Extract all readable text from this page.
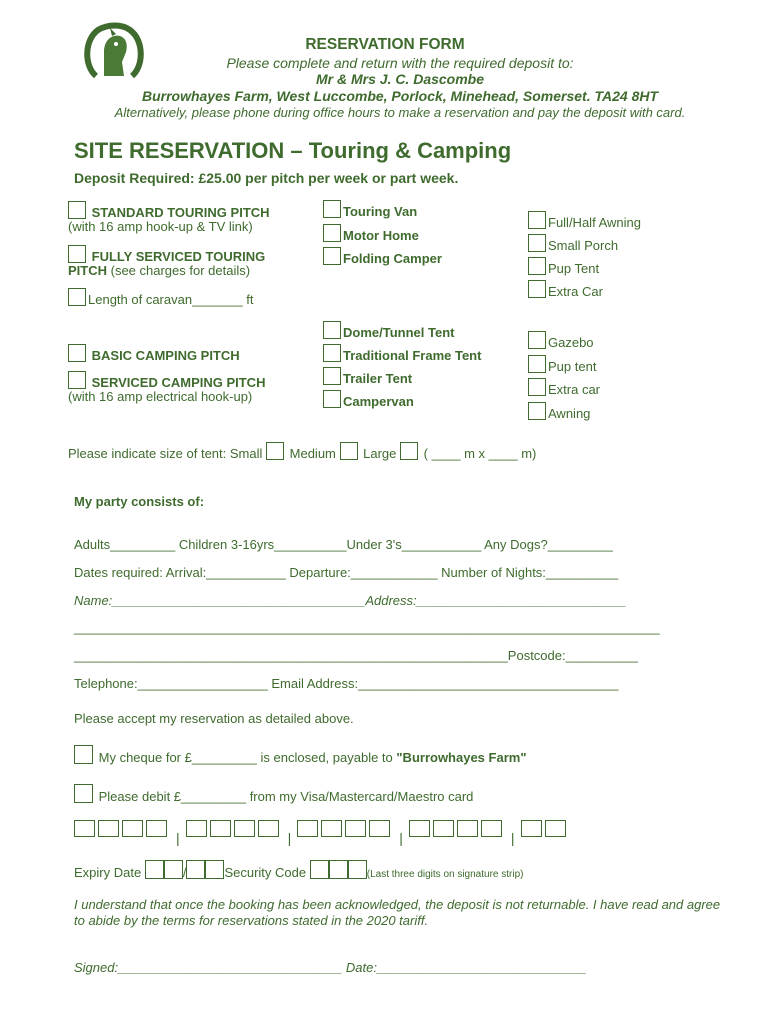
RESERVATION FORM
Please complete and return with the required deposit to:
Mr & Mrs J. C. Dascombe
Burrowhayes Farm, West Luccombe, Porlock, Minehead, Somerset. TA24 8HT
Alternatively, please phone during office hours to make a reservation and pay the deposit with card.
SITE RESERVATION – Touring & Camping
Deposit Required: £25.00 per pitch per week or part week.
STANDARD TOURING PITCH
(with 16 amp hook-up & TV link)
FULLY SERVICED TOURING
PITCH (see charges for details)
Length of caravan_______ ft
Touring Van
Motor Home
Folding Camper
Full/Half Awning
Small Porch
Pup Tent
Extra Car
BASIC CAMPING PITCH
SERVICED CAMPING PITCH
(with 16 amp electrical hook-up)
Dome/Tunnel Tent
Traditional Frame Tent
Trailer Tent
Campervan
Gazebo
Pup tent
Extra car
Awning
Please indicate size of tent: Small Medium Large ( ____ m x ____ m)
My party consists of:
Adults_________ Children 3-16yrs__________Under 3's___________ Any Dogs?_________
Dates required: Arrival:___________ Departure:____________ Number of Nights:__________
Name:___________________________________Address:_____________________________
_________________________________________________________________________________
____________________________________________________________Postcode:__________
Telephone:__________________ Email Address:____________________________________
Please accept my reservation as detailed above.
My cheque for £_________ is enclosed, payable to "Burrowhayes Farm"
Please debit £_________ from my Visa/Mastercard/Maestro card
|	|	|	|
Expiry Date	/	Security Code	(Last three digits on signature strip)
I understand that once the booking has been acknowledged, the deposit is not returnable. I have read and agree to abide by the terms for reservations stated in the 2020 tariff.
Signed:_______________________________ Date:_____________________________
